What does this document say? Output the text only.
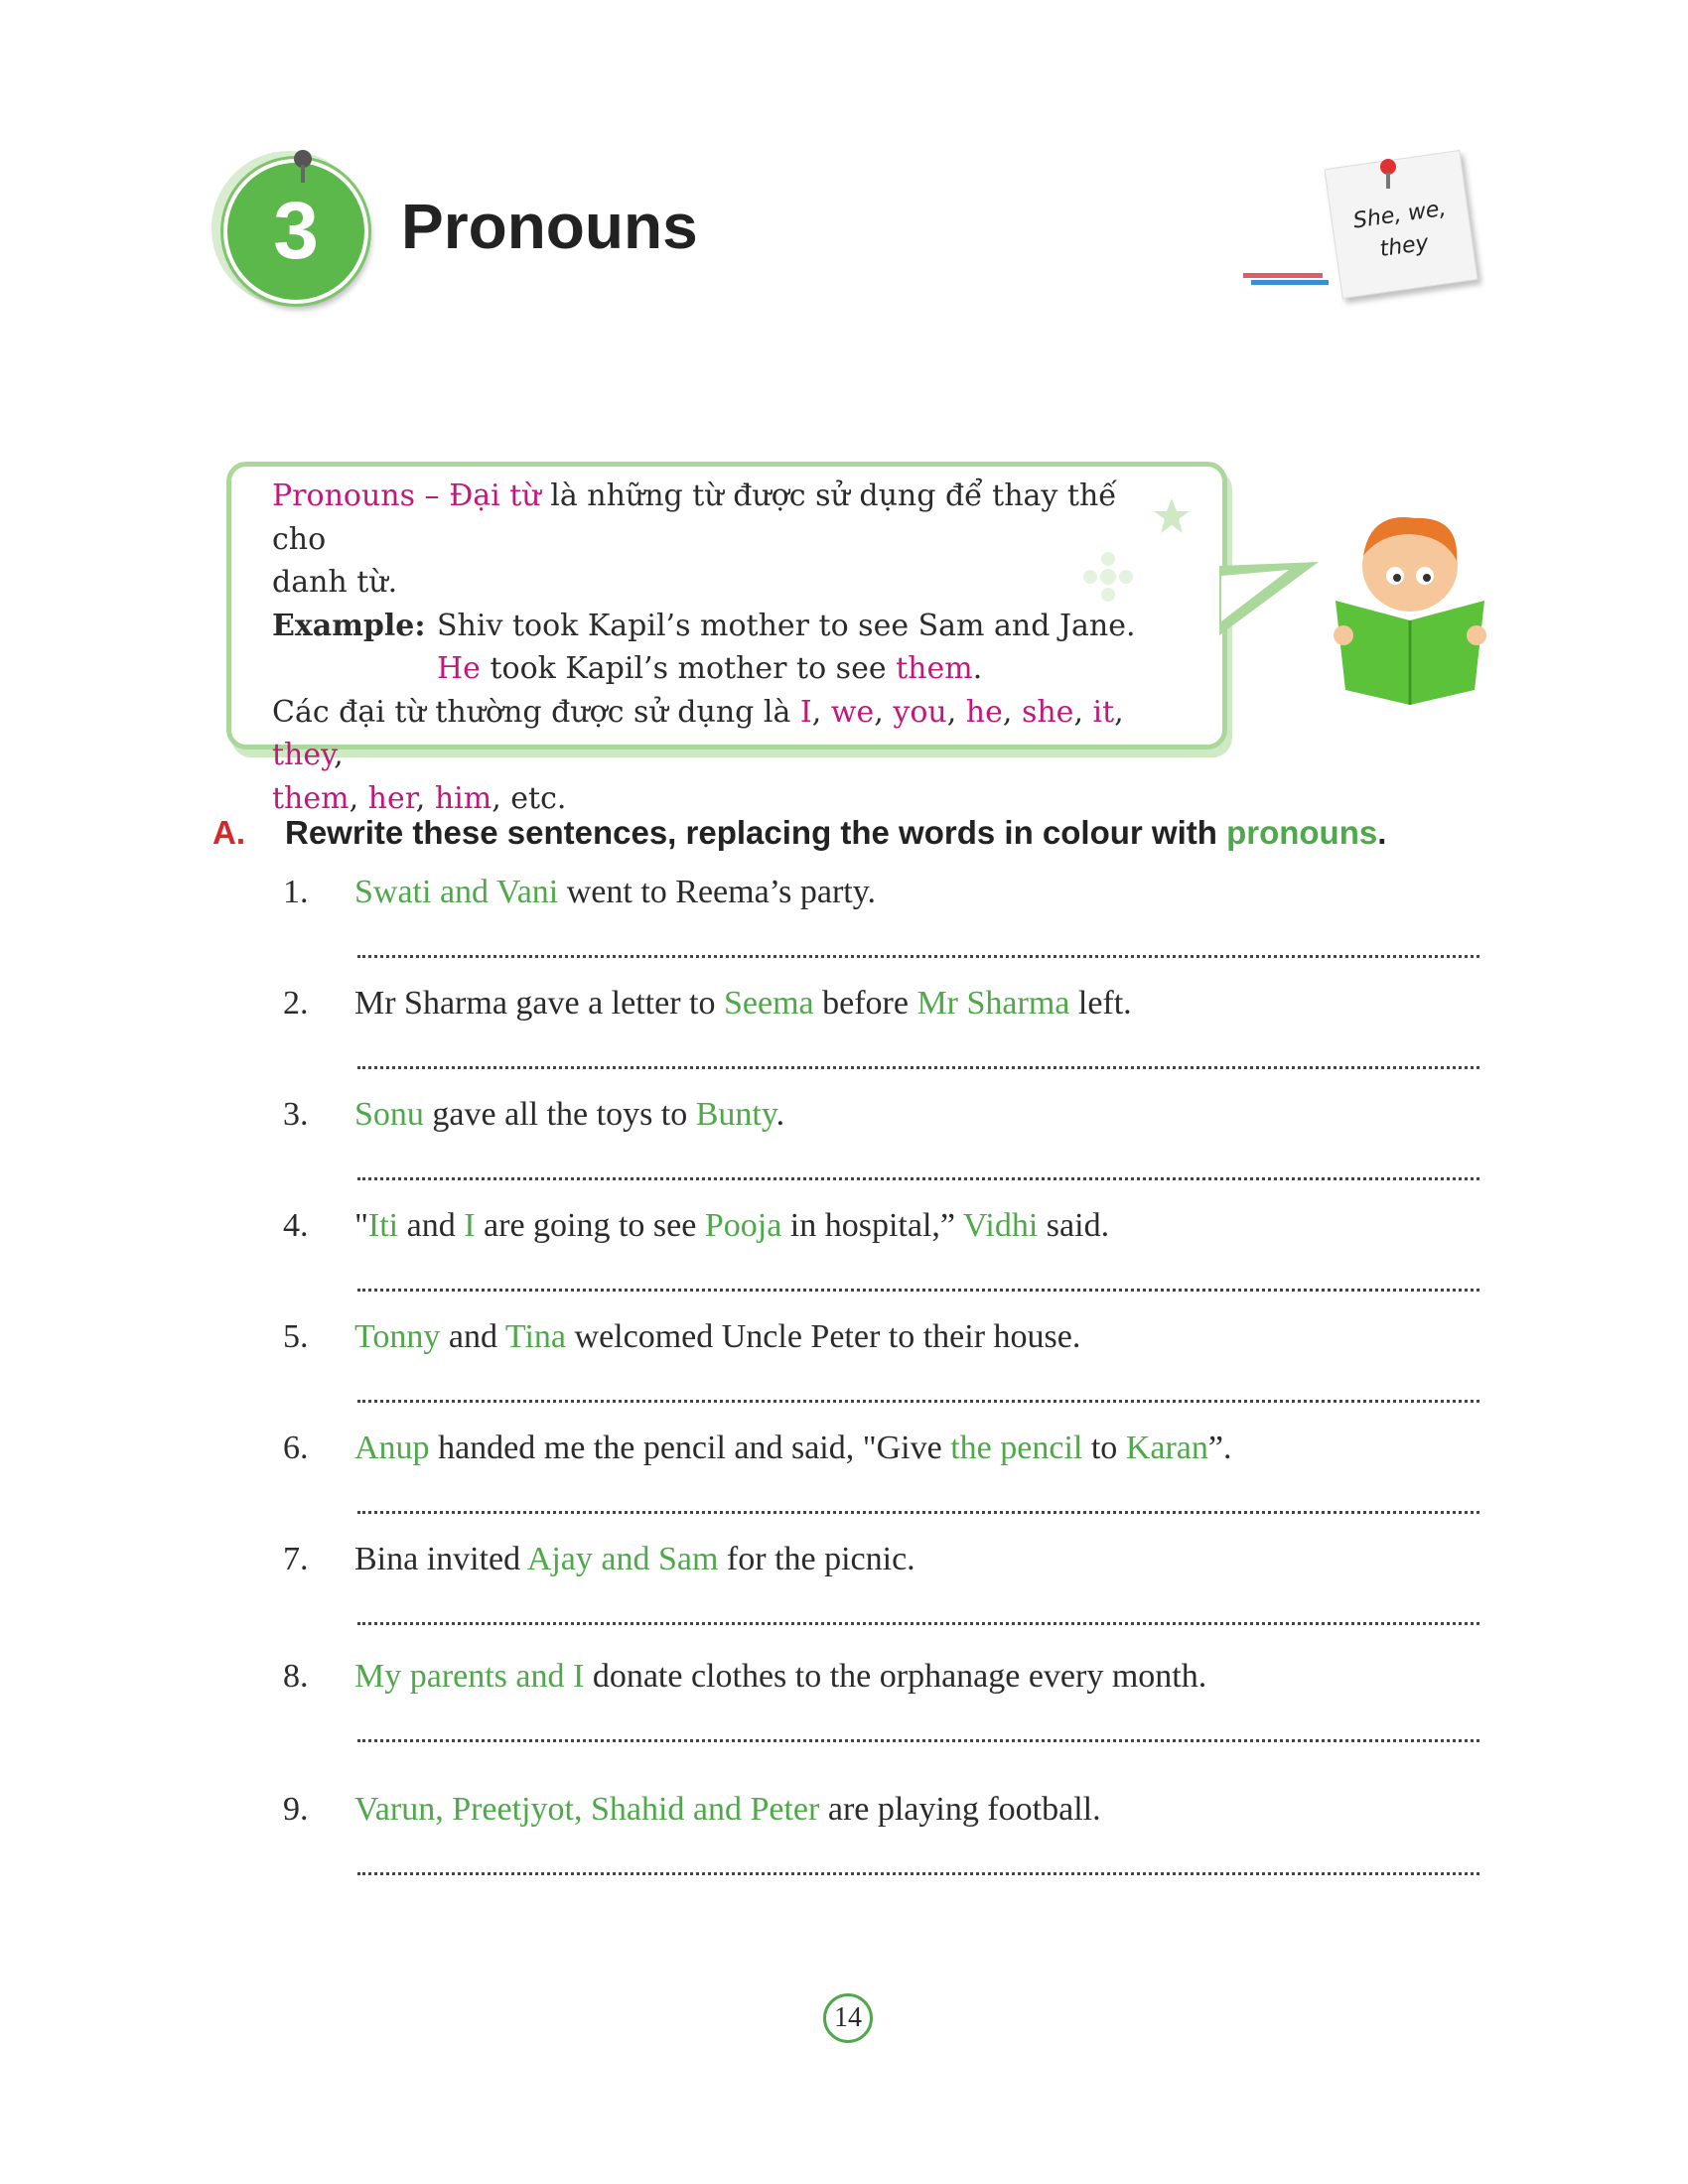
3 Pronouns	She, we,
they
Pronouns – Đại từ là những từ được sử dụng để thay thế cho
danh từ.
Example: Shiv took Kapil’s mother to see Sam and Jane.
He took Kapil’s mother to see them.
Các đại từ thường được sử dụng là I, we, you, he, she, it, they,
them, her, him, etc.
A. Rewrite these sentences, replacing the words in colour with pronouns.
1. Swati and Vani went to Reema’s party.
2. Mr Sharma gave a letter to Seema before Mr Sharma left.
3. Sonu gave all the toys to Bunty.
4. "Iti and I are going to see Pooja in hospital,” Vidhi said.
5. Tonny and Tina welcomed Uncle Peter to their house.
6. Anup handed me the pencil and said, "Give the pencil to Karan”.
7. Bina invited Ajay and Sam for the picnic.
8. My parents and I donate clothes to the orphanage every month.
9. Varun, Preetjyot, Shahid and Peter are playing football.
14
